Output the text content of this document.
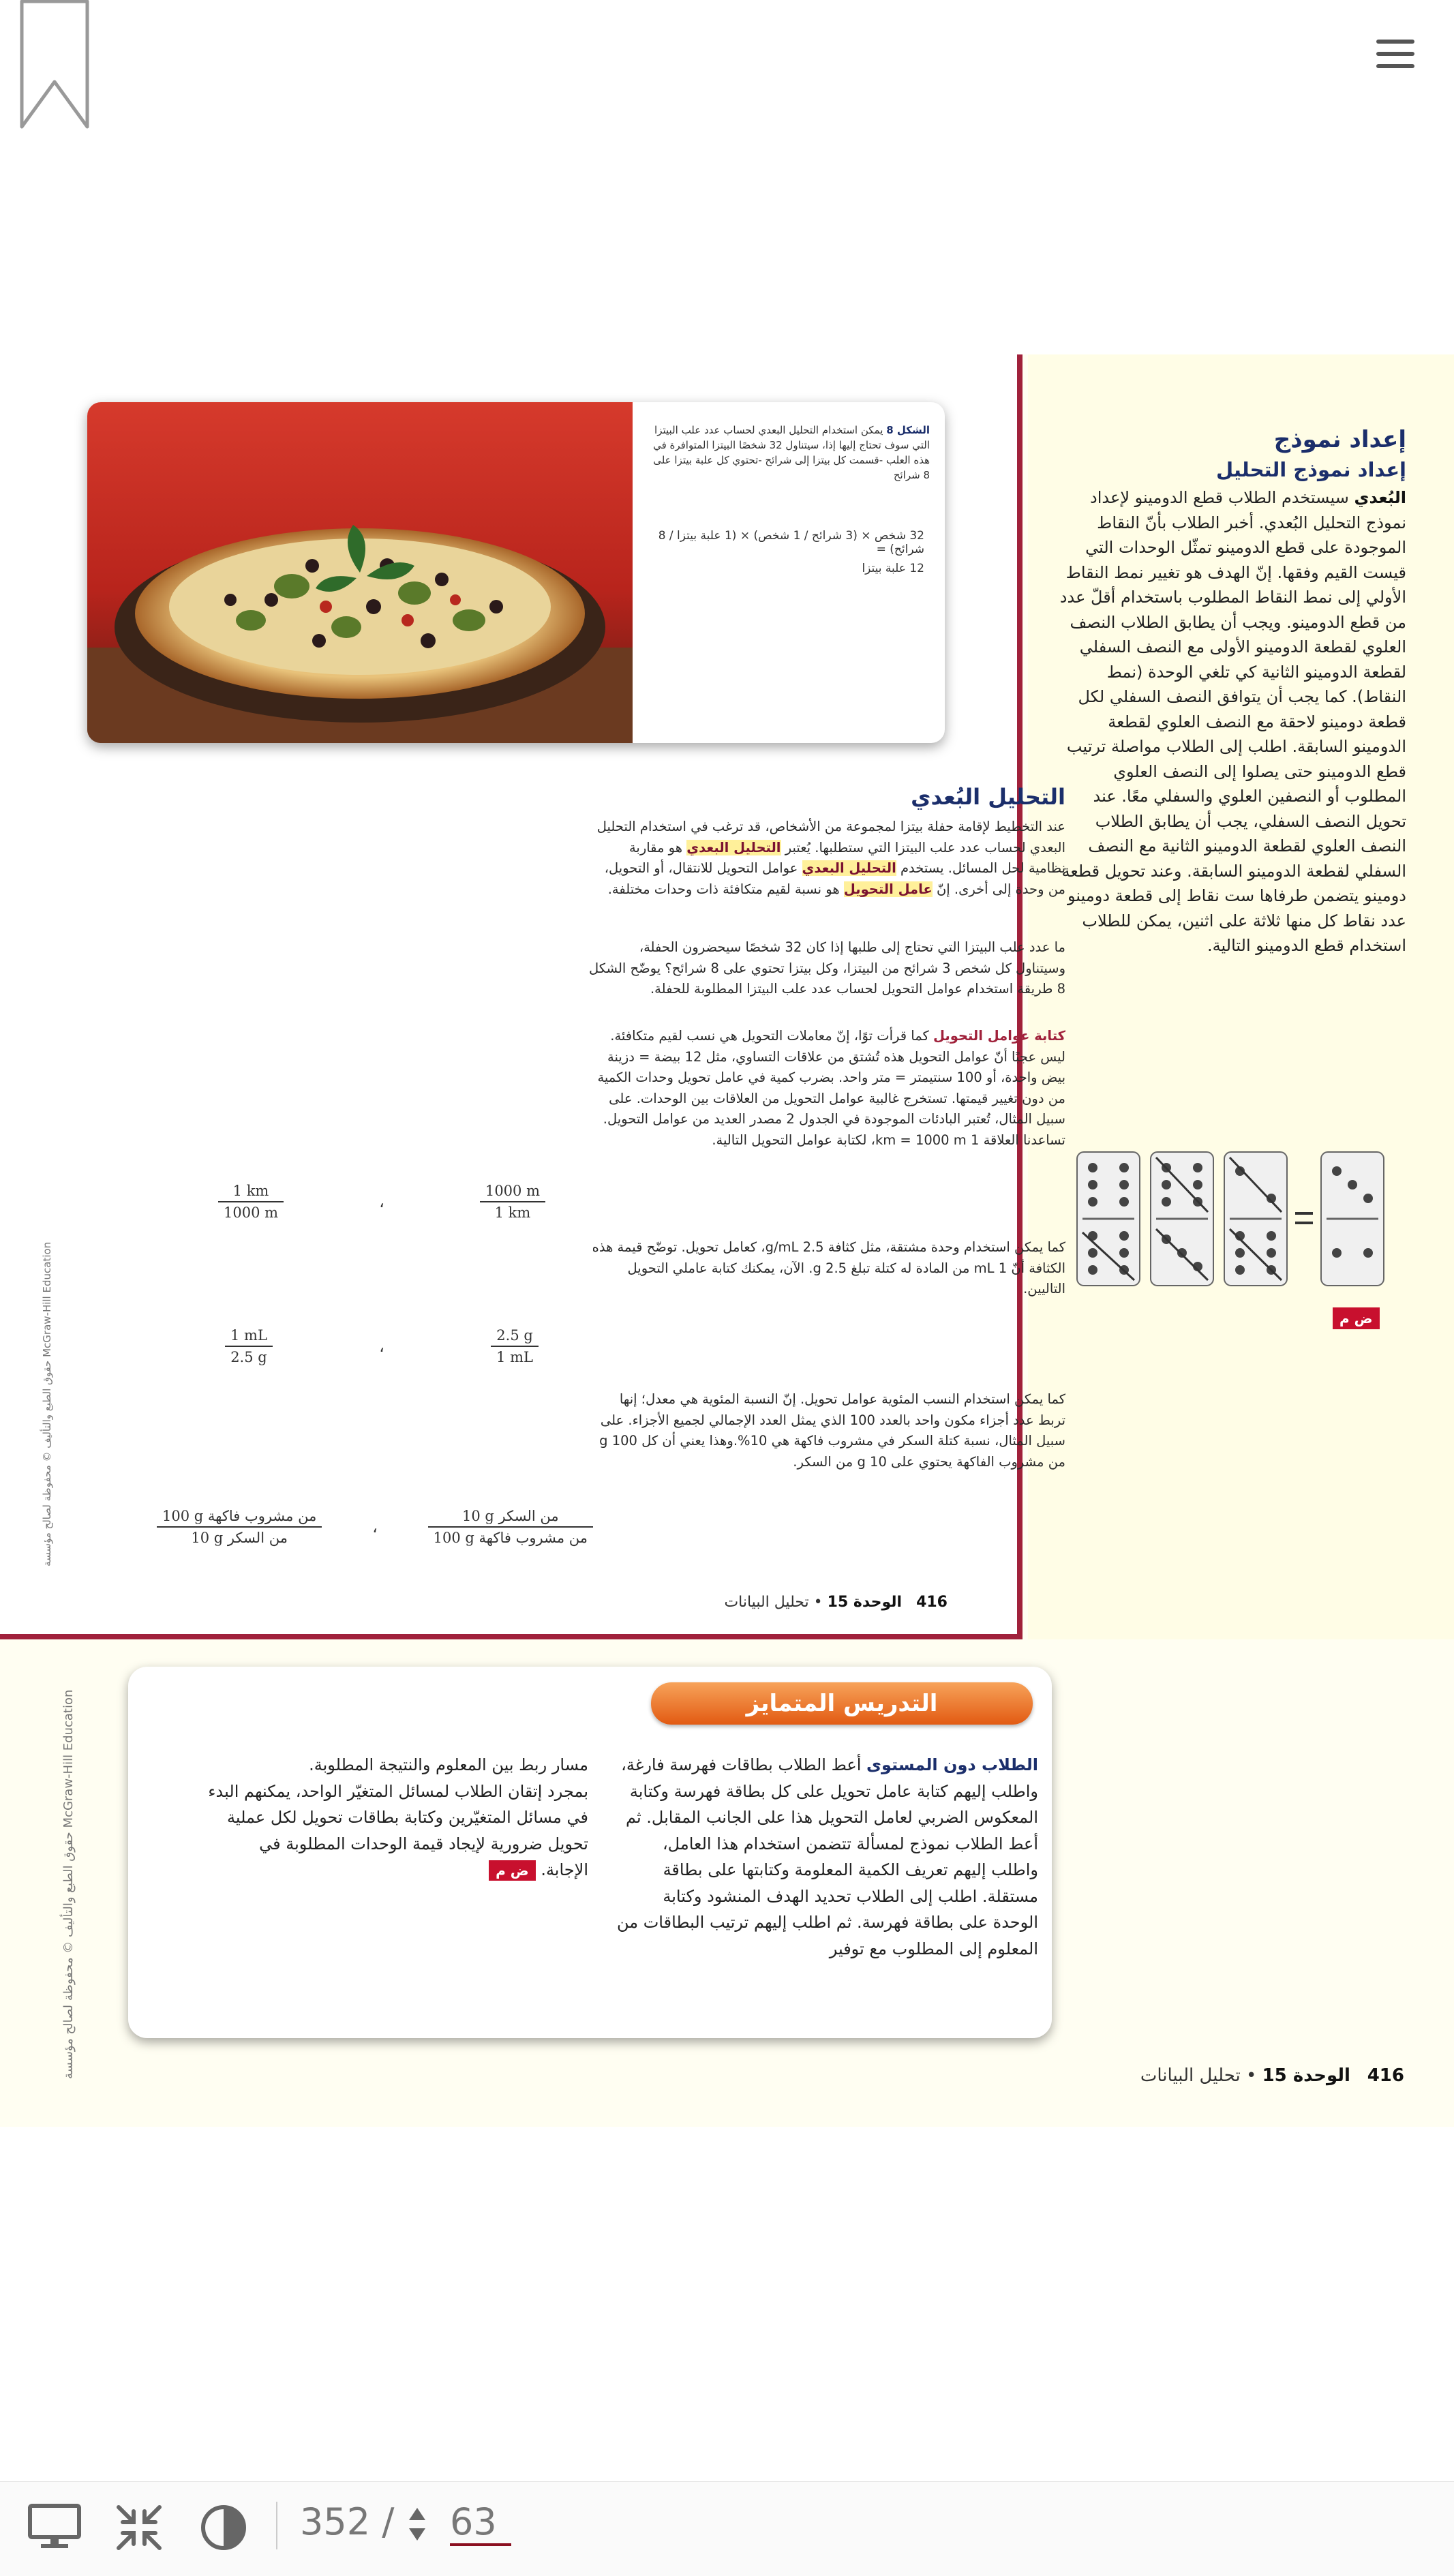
إعداد نموذج
إعداد نموذج التحليل
البُعدي سيستخدم الطلاب قطع الدومينو لإعداد نموذج التحليل البُعدي. أخبر الطلاب بأنّ النقاط الموجودة على قطع الدومينو تمثّل الوحدات التي قيست القيم وفقها. إنّ الهدف هو تغيير نمط النقاط الأولي إلى نمط النقاط المطلوب باستخدام أقلّ عدد من قطع الدومينو. ويجب أن يطابق الطلاب النصف العلوي لقطعة الدومينو الأولى مع النصف السفلي لقطعة الدومينو الثانية كي تلغي الوحدة (نمط النقاط). كما يجب أن يتوافق النصف السفلي لكل قطعة دومينو لاحقة مع النصف العلوي لقطعة الدومينو السابقة. اطلب إلى الطلاب مواصلة ترتيب قطع الدومينو حتى يصلوا إلى النصف العلوي المطلوب أو النصفين العلوي والسفلي معًا. عند تحويل النصف السفلي، يجب أن يطابق الطلاب النصف العلوي لقطعة الدومينو الثانية مع النصف السفلي لقطعة الدومينو السابقة. وعند تحويل قطعة دومينو يتضمن طرفاها ست نقاط إلى قطعة دومينو عدد نقاط كل منها ثلاثة على اثنين، يمكن للطلاب استخدام قطع الدومينو التالية.
ض م
الشكل 8 يمكن استخدام التحليل البعدي لحساب عدد علب البيتزا التي سوف تحتاج إليها إذا، سيتناول 32 شخصًا البيتزا المتوافرة في هذه العلب -قسمت كل بيتزا إلى شرائح -تحتوي كل علبة بيتزا على 8 شرائح
32 شخص × (3 شرائح / 1 شخص) × (1 علبة بيتزا / 8 شرائح) =
12 علبة بيتزا
التحليل البُعدي
عند التخطيط لإقامة حفلة بيتزا لمجموعة من الأشخاص، قد ترغب في استخدام التحليل البعدي لحساب عدد علب البيتزا التي ستطلبها. يُعتبر التحليل البعدي هو مقاربة نظامية لحل المسائل. يستخدم التحليل البعدي عوامل التحويل للانتقال، أو التحويل، من وحدة إلى أخرى. إنّ عامل التحويل هو نسبة لقيم متكافئة ذات وحدات مختلفة.
ما عدد علب البيتزا التي تحتاج إلى طلبها إذا كان 32 شخصًا سيحضرون الحفلة، وسيتناول كل شخص 3 شرائح من البيتزا، وكل بيتزا تحتوي على 8 شرائح؟ يوضّح الشكل 8 طريقة استخدام عوامل التحويل لحساب عدد علب البيتزا المطلوبة للحفلة.
كتابة عوامل التحويل كما قرأت توًا، إنّ معاملات التحويل هي نسب لقيم متكافئة. ليس عجبًا أنّ عوامل التحويل هذه تُشتق من علاقات التساوي، مثل 12 بيضة = دزينة بيض واحدة، أو 100 سنتيمتر = متر واحد. بضرب كمية في عامل تحويل وحدات الكمية من دون تغيير قيمتها. تستخرج غالبية عوامل التحويل من العلاقات بين الوحدات. على سبيل المثال، تُعتبر البادئات الموجودة في الجدول 2 مصدر العديد من عوامل التحويل. تساعدنا العلاقة 1 km = 1000 m، لكتابة عوامل التحويل التالية.
$\frac{1 km}{1000 m}$	،	$\frac{1000 m}{1 km}$
كما يمكن استخدام وحدة مشتقة، مثل كثافة 2.5 g/mL، كعامل تحويل. توضّح قيمة هذه الكثافة أنّ 1 mL من المادة له كتلة تبلغ 2.5 g. الآن، يمكنك كتابة عاملي التحويل التاليين.
$\frac{1 mL}{2.5 g}$	،	$\frac{2.5 g}{1 mL}$
كما يمكن استخدام النسب المئوية عوامل تحويل. إنّ النسبة المئوية هي معدل؛ إنها تربط عدد أجزاء مكون واحد بالعدد 100 الذي يمثل العدد الإجمالي لجميع الأجزاء. على سبيل المثال، نسبة كتلة السكر في مشروب فاكهة هي 10%.وهذا يعني أن كل 100 g من مشروب الفاكهة يحتوي على 10 g من السكر.
$\frac{\text{100 g من مشروب فاكهة}}{\text{10 g من السكر}}$	،	$\frac{\text{10 g من السكر}}{\text{100 g من مشروب فاكهة}}$
416   الوحدة 15 • تحليل البيانات
حقوق الطبع والتأليف © محفوظة لصالح مؤسسة McGraw-Hill Education
التدريس المتمايز
الطلاب دون المستوى أعط الطلاب بطاقات فهرسة فارغة، واطلب إليهم كتابة عامل تحويل على كل بطاقة فهرسة وكتابة المعكوس الضربي لعامل التحويل هذا على الجانب المقابل. ثم أعط الطلاب نموذج لمسألة تتضمن استخدام هذا العامل، واطلب إليهم تعريف الكمية المعلومة وكتابتها على بطاقة مستقلة. اطلب إلى الطلاب تحديد الهدف المنشود وكتابة الوحدة على بطاقة فهرسة. ثم اطلب إليهم ترتيب البطاقات من المعلوم إلى المطلوب مع توفير
مسار ربط بين المعلوم والنتيجة المطلوبة.
بمجرد إتقان الطلاب لمسائل المتغيّر الواحد، يمكنهم البدء في مسائل المتغيّرين وكتابة بطاقات تحويل لكل عملية تحويل ضرورية لإيجاد قيمة الوحدات المطلوبة في الإجابة. ض م
416   الوحدة 15 • تحليل البيانات
حقوق الطبع والتأليف © محفوظة لصالح مؤسسة McGraw-Hill Education
352 /
63
